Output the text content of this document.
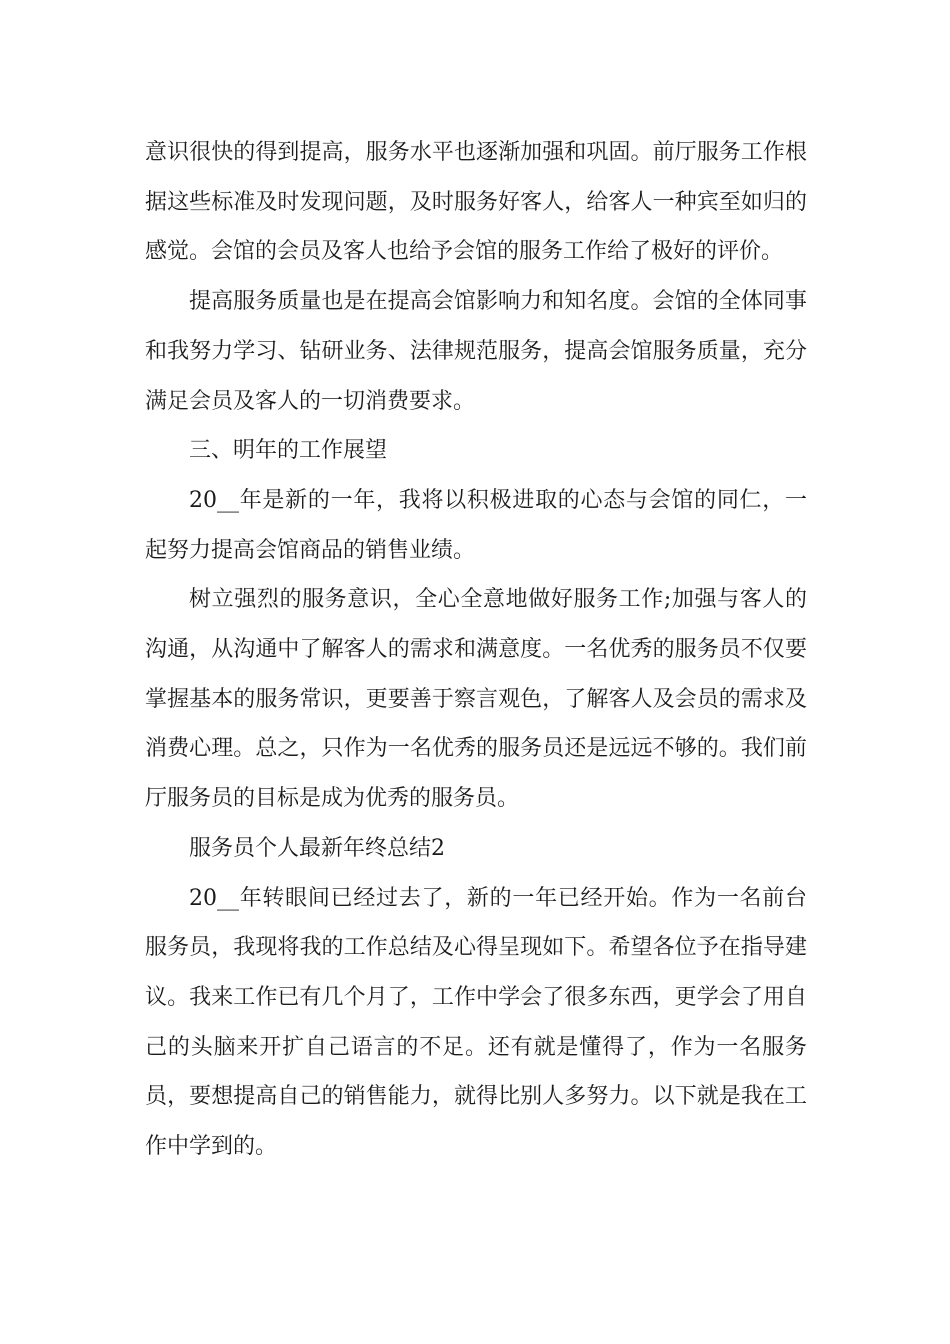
意识很快的得到提高，服务水平也逐渐加强和巩固。前厅服务工作根据这些标准及时发现问题，及时服务好客人，给客人一种宾至如归的感觉。会馆的会员及客人也给予会馆的服务工作给了极好的评价。

提高服务质量也是在提高会馆影响力和知名度。会馆的全体同事和我努力学习、钻研业务、法律规范服务，提高会馆服务质量，充分满足会员及客人的一切消费要求。

三、明年的工作展望

20__年是新的一年，我将以积极进取的心态与会馆的同仁，一起努力提高会馆商品的销售业绩。

树立强烈的服务意识，全心全意地做好服务工作;加强与客人的沟通，从沟通中了解客人的需求和满意度。一名优秀的服务员不仅要掌握基本的服务常识，更要善于察言观色，了解客人及会员的需求及消费心理。总之，只作为一名优秀的服务员还是远远不够的。我们前厅服务员的目标是成为优秀的服务员。

服务员个人最新年终总结2

20__年转眼间已经过去了，新的一年已经开始。作为一名前台服务员，我现将我的工作总结及心得呈现如下。希望各位予在指导建议。我来工作已有几个月了，工作中学会了很多东西，更学会了用自己的头脑来开扩自己语言的不足。还有就是懂得了，作为一名服务员，要想提高自己的销售能力，就得比别人多努力。以下就是我在工作中学到的。
